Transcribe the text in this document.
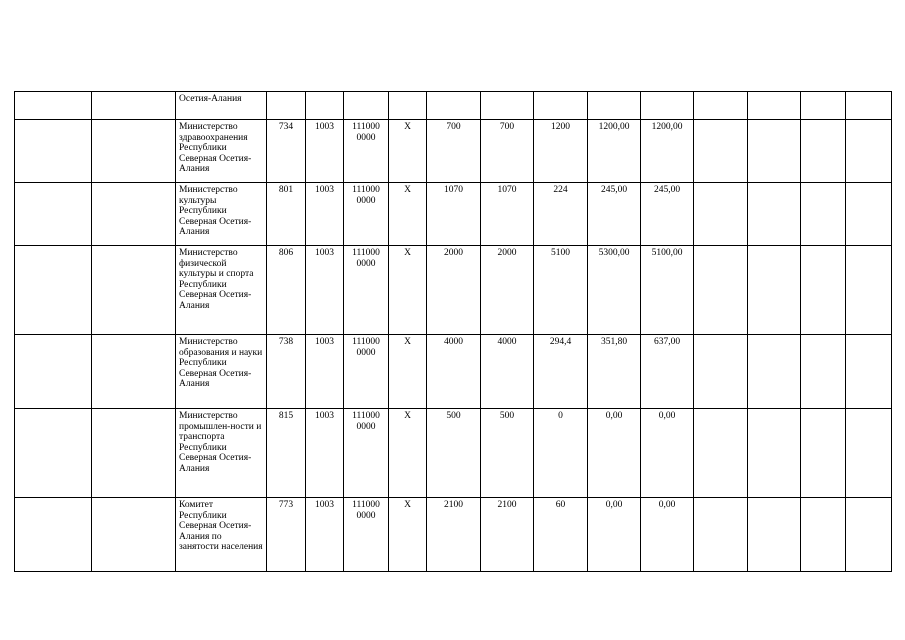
		Осетия-Алания													
		Министерство здравоохранения Республики Северная Осетия-Алания	734	1003	111000 0000	Х	700	700	1200	1200,00	1200,00				
		Министерство культуры Республики Северная Осетия-Алания	801	1003	111000 0000	Х	1070	1070	224	245,00	245,00				
		Министерство физической культуры и спорта Республики Северная Осетия-Алания	806	1003	111000 0000	Х	2000	2000	5100	5300,00	5100,00				
		Министерство образования и науки Республики Северная Осетия-Алания	738	1003	111000 0000	Х	4000	4000	294,4	351,80	637,00				
		Министерство промышлен-ности и транспорта Республики Северная Осетия-Алания	815	1003	111000 0000	Х	500	500	0	0,00	0,00				
		Комитет Республики Северная Осетия-Алания по занятости населения	773	1003	111000 0000	Х	2100	2100	60	0,00	0,00				
